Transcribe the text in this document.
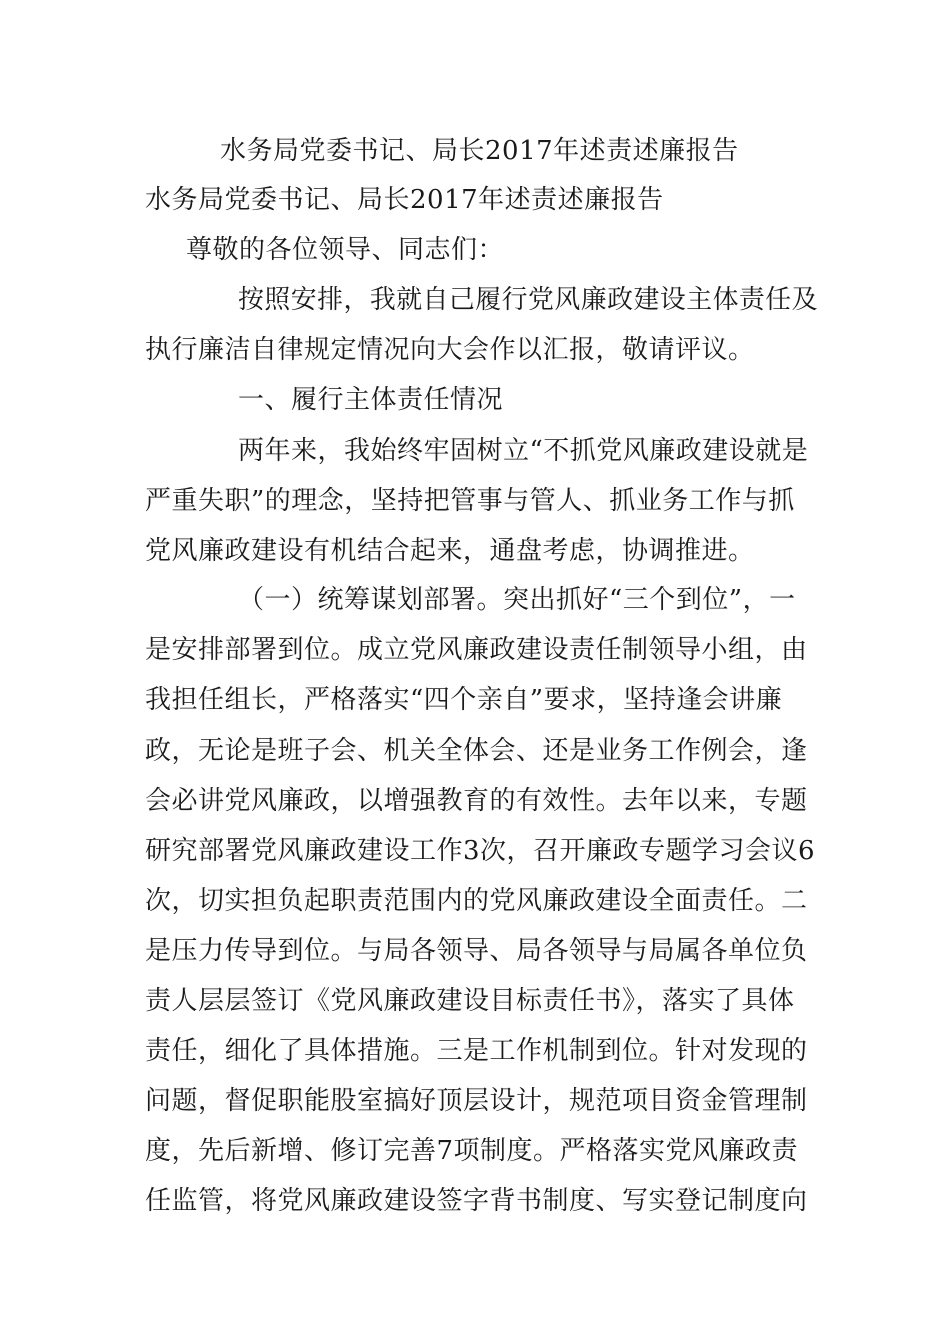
水务局党委书记、局长2017年述责述廉报告
水务局党委书记、局长2017年述责述廉报告
尊敬的各位领导、同志们：
按照安排，我就自己履行党风廉政建设主体责任及
执行廉洁自律规定情况向大会作以汇报，敬请评议。
一、履行主体责任情况
两年来，我始终牢固树立“不抓党风廉政建设就是
严重失职”的理念，坚持把管事与管人、抓业务工作与抓
党风廉政建设有机结合起来，通盘考虑，协调推进。
（一）统筹谋划部署。突出抓好“三个到位”，一
是安排部署到位。成立党风廉政建设责任制领导小组，由
我担任组长，严格落实“四个亲自”要求，坚持逢会讲廉
政，无论是班子会、机关全体会、还是业务工作例会，逢
会必讲党风廉政，以增强教育的有效性。去年以来，专题
研究部署党风廉政建设工作3次，召开廉政专题学习会议6
次，切实担负起职责范围内的党风廉政建设全面责任。二
是压力传导到位。与局各领导、局各领导与局属各单位负
责人层层签订《党风廉政建设目标责任书》，落实了具体
责任，细化了具体措施。三是工作机制到位。针对发现的
问题，督促职能股室搞好顶层设计，规范项目资金管理制
度，先后新增、修订完善7项制度。严格落实党风廉政责
任监管，将党风廉政建设签字背书制度、写实登记制度向
